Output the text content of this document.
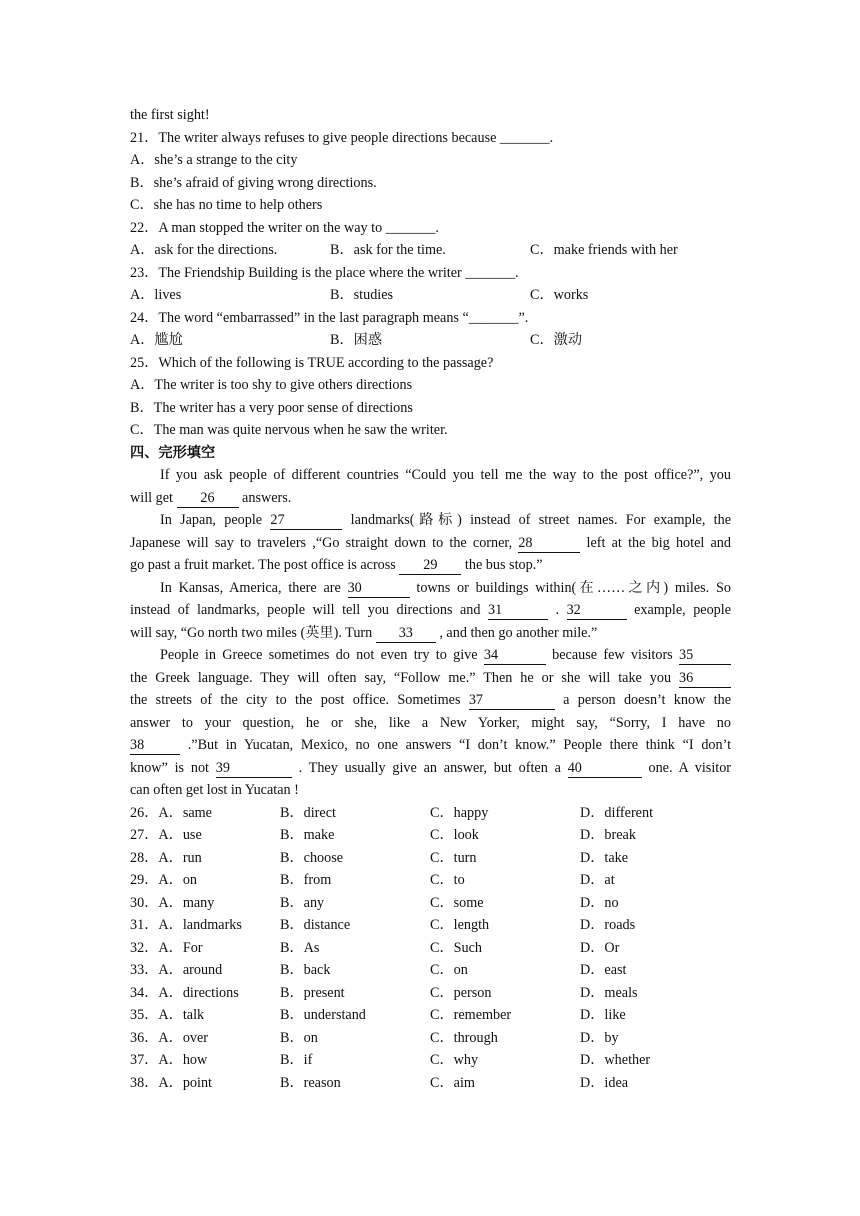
the first sight!
21．The writer always refuses to give people directions because _______.
A．she’s a strange to the city
B．she’s afraid of giving wrong directions.
C．she has no time to help others
22．A man stopped the writer on the way to _______.
A．ask for the directions.	B．ask for the time.	C．make friends with her
23．The Friendship Building is the place where the writer _______.
A．lives	B．studies	C．works
24．The word “embarrassed” in the last paragraph means “_______”.
A．尴尬	B．困惑	C．激动
25．Which of the following is TRUE according to the passage?
A．The writer is too shy to give others directions
B．The writer has a very poor sense of directions
C．The man was quite nervous when he saw the writer.
四、完形填空
If you ask people of different countries “Could you tell me the way to the post office?”, you
will get 26 answers.
In Japan, people 27	landmarks(路标) instead of street names. For example, the
Japanese will say to travelers ,“Go straight down to the corner, 28	left at the big hotel and
go past a fruit market. The post office is across 29 the bus stop.”
In Kansas, America, there are 30	towns or buildings within(在……之内) miles. So
instead of landmarks, people will tell you directions and 31	. 32	example, people
will say, “Go north two miles (英里). Turn 33 , and then go another mile.”
People in Greece sometimes do not even try to give 34	because few visitors 35
the Greek language. They will often say, “Follow me.” Then he or she will take you 36
the streets of the city to the post office. Sometimes 37	a person doesn’t know the
answer to your question, he or she, like a New Yorker, might say, “Sorry, I have no
38	.”But in Yucatan, Mexico, no one answers “I don’t know.” People there think “I don’t
know” is not 39	. They usually give an answer, but often a 40	one. A visitor
can often get lost in Yucatan !
26．A．same	B．direct	C．happy	D．different
27．A．use	B．make	C．look	D．break
28．A．run	B．choose	C．turn	D．take
29．A．on	B．from	C．to	D．at
30．A．many	B．any	C．some	D．no
31．A．landmarks	B．distance	C．length	D．roads
32．A．For	B．As	C．Such	D．Or
33．A．around	B．back	C．on	D．east
34．A．directions	B．present	C．person	D．meals
35．A．talk	B．understand	C．remember	D．like
36．A．over	B．on	C．through	D．by
37．A．how	B．if	C．why	D．whether
38．A．point	B．reason	C．aim	D．idea
